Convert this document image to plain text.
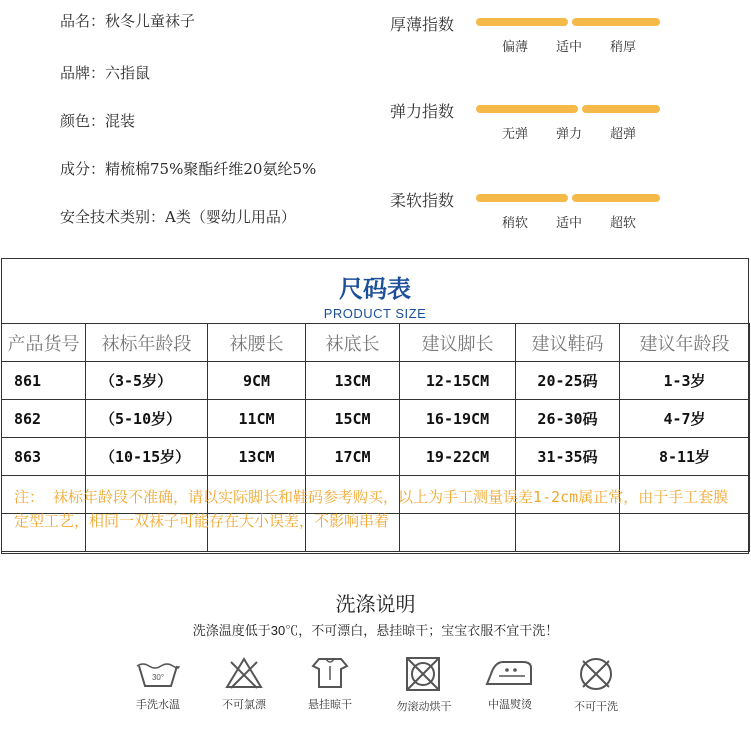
品名：秋冬儿童袜子
品牌：六指鼠
颜色：混装
成分：精梳棉75%聚酯纤维20氨纶5%
安全技术类别：A类（婴幼儿用品）
厚薄指数
偏薄 适中 稍厚
弹力指数
无弹 弹力 超弹
柔软指数
稍软 适中 超软
尺码表
PRODUCT SIZE
产品货号	袜标年龄段	袜腰长	袜底长	建议脚长	建议鞋码	建议年龄段
861	（3-5岁）	9CM	13CM	12-15CM	20-25码	1-3岁
862	（5-10岁）	11CM	15CM	16-19CM	26-30码	4-7岁
863	（10-15岁）	13CM	17CM	19-22CM	31-35码	8-11岁

注： 袜标年龄段不准确，请以实际脚长和鞋码参考购买，以上为手工测量误差1-2cm属正常，由于手工套膜定型工艺，相同一双袜子可能存在大小误差，不影响串着
洗涤说明
洗涤温度低于30℃，不可漂白，悬挂晾干；宝宝衣服不宜干洗！
30°
手洗水温	不可氯漂	悬挂晾干	勿滚动烘干	中温熨烫	不可干洗
